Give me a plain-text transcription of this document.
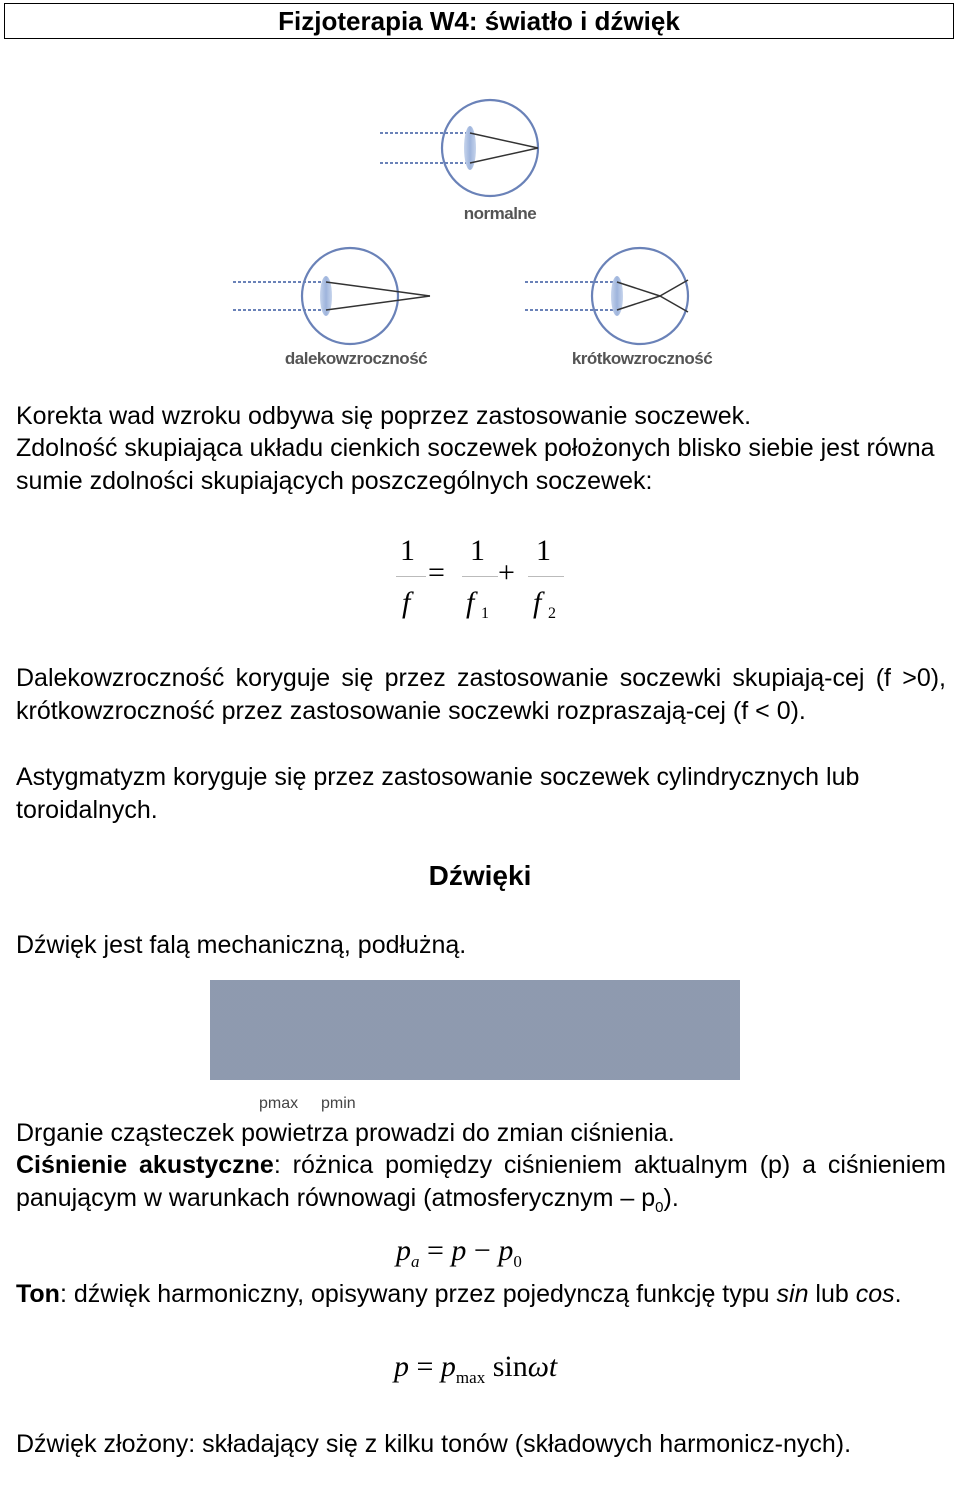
Fizjoterapia W4: światło i dźwięk
normalne
dalekowzroczność	krótkowzroczność
Korekta wad wzroku odbywa się poprzez zastosowanie soczewek.
Zdolność skupiająca układu cienkich soczewek położonych blisko siebie jest równa sumie zdolności skupiających poszczególnych soczewek:
1 1 1
= +
f f 1 f 2
Dalekowzroczność koryguje się przez zastosowanie soczewki skupiają-cej (f >0), krótkowzroczność przez zastosowanie soczewki rozpraszają-cej (f < 0).
Astygmatyzm koryguje się przez zastosowanie soczewek cylindrycznych lub toroidalnych.
Dźwięki
Dźwięk jest falą mechaniczną, podłużną.
pmax pmin
Drganie cząsteczek powietrza prowadzi do zmian ciśnienia.
Ciśnienie akustyczne: różnica pomiędzy ciśnieniem aktualnym (p) a ciśnieniem panującym w warunkach równowagi (atmosferycznym – $p_0$).
$p_a = p - p_0$
Ton: dźwięk harmoniczny, opisywany przez pojedynczą funkcję typu sin lub cos.
$p = p_{max}$ sinωt
Dźwięk złożony: składający się z kilku tonów (składowych harmonicz-nych).
